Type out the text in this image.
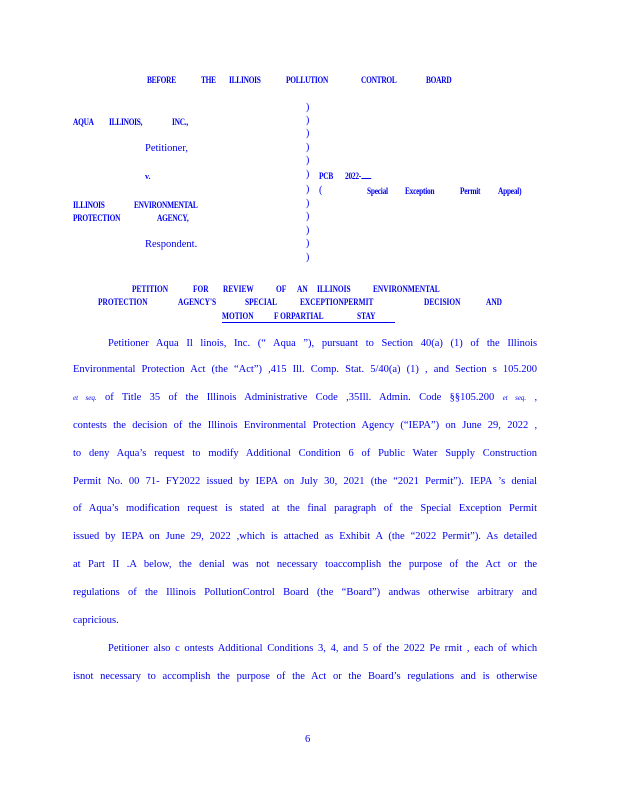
BEFORE	THE ILLINOIS	POLLUTION	CONTROL	BOARD
)
)
)
)
)
)
)
)
)
)
)
)
AQUA ILLINOIS,	INC.,
Petitioner,
v.
ILLINOIS	ENVIRONMENTAL
PROTECTION	AGENCY,
Respondent.
PCB 2022-
(	Special Exception	Permit Appeal)
PETITION	FOR REVIEW OF AN ILLINOIS ENVIRONMENTAL
PROTECTION	AGENCY'S	SPECIAL	EXCEPTIONPERMIT	DECISION	AND
MOTION F ORPARTIAL	STAY
Petitioner Aqua Il linois, Inc. (“ Aqua ”), pursuant to Section 40(a) (1) of the Illinois
Environmental Protection Act (the “Act”) ,415 Ill. Comp. Stat. 5/40(a) (1) , and Section s 105.200
et seq. of Title 35 of the Illinois Administrative Code ,35Ill. Admin. Code §§105.200 et seq. ,
contests the decision of the Illinois Environmental Protection Agency (“IEPA”) on June 29, 2022 ,
to deny Aqua’s request to modify Additional Condition 6 of Public Water Supply Construction
Permit No. 00 71- FY2022 issued by IEPA on July 30, 2021 (the “2021 Permit”). IEPA ’s denial
of Aqua’s modification request is stated at the final paragraph of the Special Exception Permit
issued by IEPA on June 29, 2022 ,which is attached as Exhibit A (the “2022 Permit”). As detailed
at Part II .A below, the denial was not necessary toaccomplish the purpose of the Act or the
regulations of the Illinois PollutionControl Board (the “Board”) andwas otherwise arbitrary and
capricious.
Petitioner also c ontests Additional Conditions 3, 4, and 5 of the 2022 Pe rmit , each of which
isnot necessary to accomplish the purpose of the Act or the Board’s regulations and is otherwise
6
